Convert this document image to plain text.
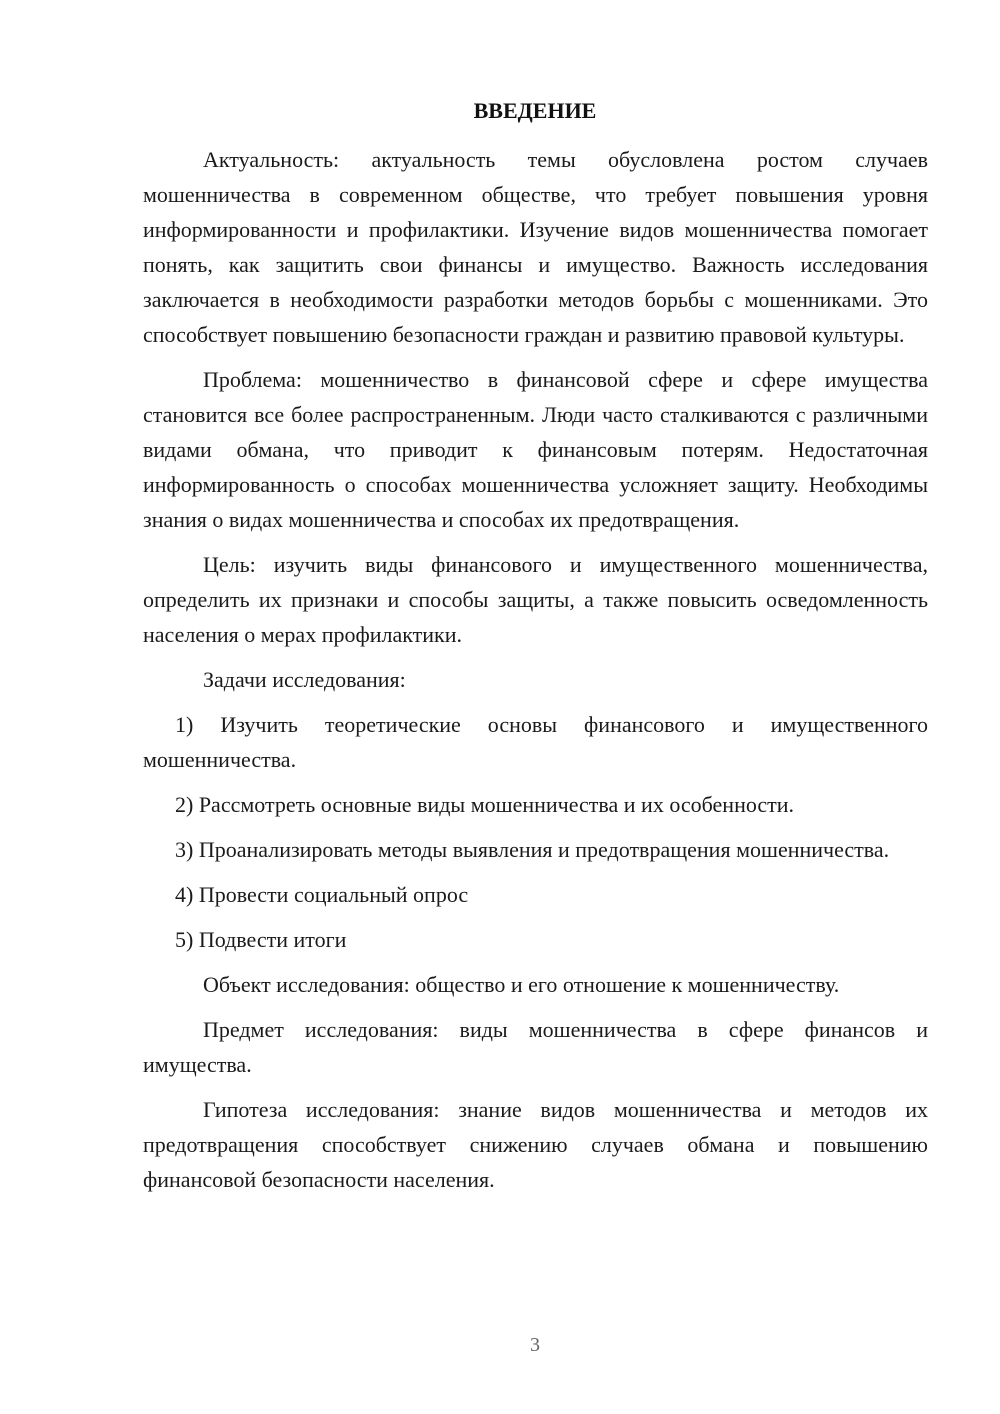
ВВЕДЕНИЕ

Актуальность: актуальность темы обусловлена ростом случаев мошенничества в современном обществе, что требует повышения уровня информированности и профилактики. Изучение видов мошенничества помогает понять, как защитить свои финансы и имущество. Важность исследования заключается в необходимости разработки методов борьбы с мошенниками. Это способствует повышению безопасности граждан и развитию правовой культуры.

Проблема: мошенничество в финансовой сфере и сфере имущества становится все более распространенным. Люди часто сталкиваются с различными видами обмана, что приводит к финансовым потерям. Недостаточная информированность о способах мошенничества усложняет защиту. Необходимы знания о видах мошенничества и способах их предотвращения.

Цель: изучить виды финансового и имущественного мошенничества, определить их признаки и способы защиты, а также повысить осведомленность населения о мерах профилактики.

Задачи исследования:

1) Изучить теоретические основы финансового и имущественного мошенничества.

2) Рассмотреть основные виды мошенничества и их особенности.

3) Проанализировать методы выявления и предотвращения мошенничества.

4) Провести социальный опрос

5) Подвести итоги

Объект исследования: общество и его отношение к мошенничеству.

Предмет исследования: виды мошенничества в сфере финансов и имущества.

Гипотеза исследования: знание видов мошенничества и методов их предотвращения способствует снижению случаев обмана и повышению финансовой безопасности населения.

3
